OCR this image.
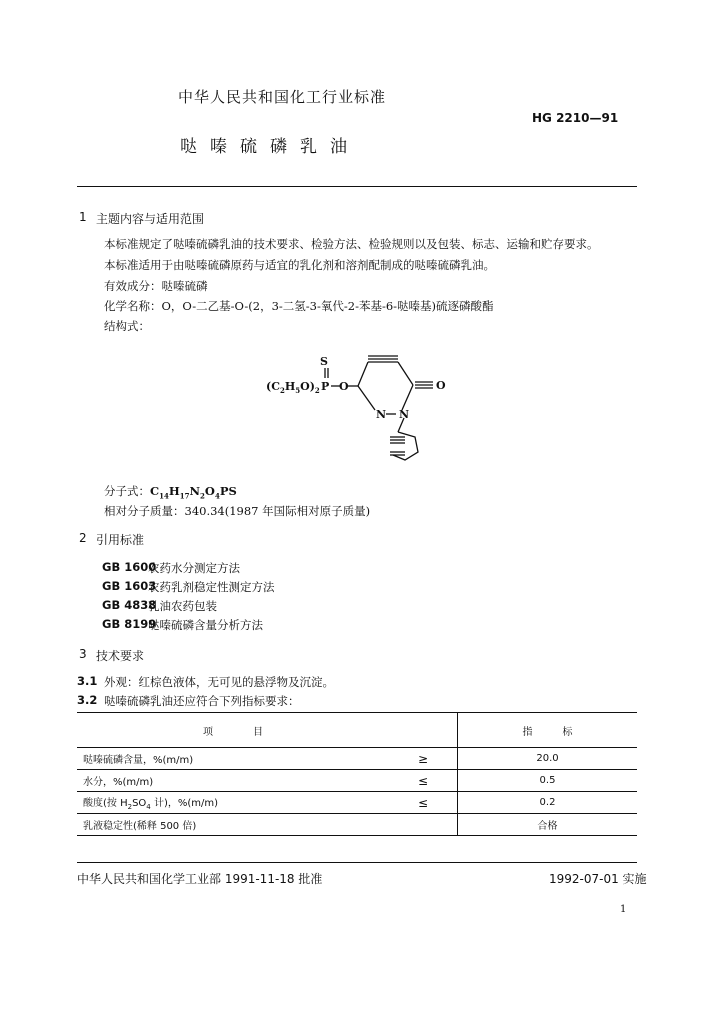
中华人民共和国化工行业标准
HG 2210—91
哒嗪硫磷乳油
1 主题内容与适用范围
本标准规定了哒嗪硫磷乳油的技术要求、检验方法、检验规则以及包装、标志、运输和贮存要求。
本标准适用于由哒嗪硫磷原药与适宜的乳化剂和溶剂配制成的哒嗪硫磷乳油。
有效成分：哒嗪硫磷
化学名称：O，O-二乙基-O-(2，3-二氢-3-氧代-2-苯基-6-哒嗪基)硫逐磷酸酯
结构式：
S
P O	O
N N
$(C_2H_5O)_2$
分子式：$C_{14}H_{17}N_2O_4PS$
相对分子质量：340.34(1987 年国际相对原子质量)
2 引用标准
GB 1600
农药水分测定方法
GB 1603
农药乳剂稳定性测定方法
GB 4838
乳油农药包装
GB 8199
哒嗪硫磷含量分析方法
3 技术要求
3.1 外观：红棕色液体，无可见的悬浮物及沉淀。
3.2 哒嗪硫磷乳油还应符合下列指标要求：
项　　　　目		指　　　标
哒嗪硫磷含量，%(m/m)	≥	20.0
水分，%(m/m)	≤	0.5
酸度(按 $H_2SO_4$ 计)，%(m/m)	≤	0.2
乳液稳定性(稀释 500 倍)		合格
中华人民共和国化学工业部 1991-11-18 批准	1992-07-01 实施
1
